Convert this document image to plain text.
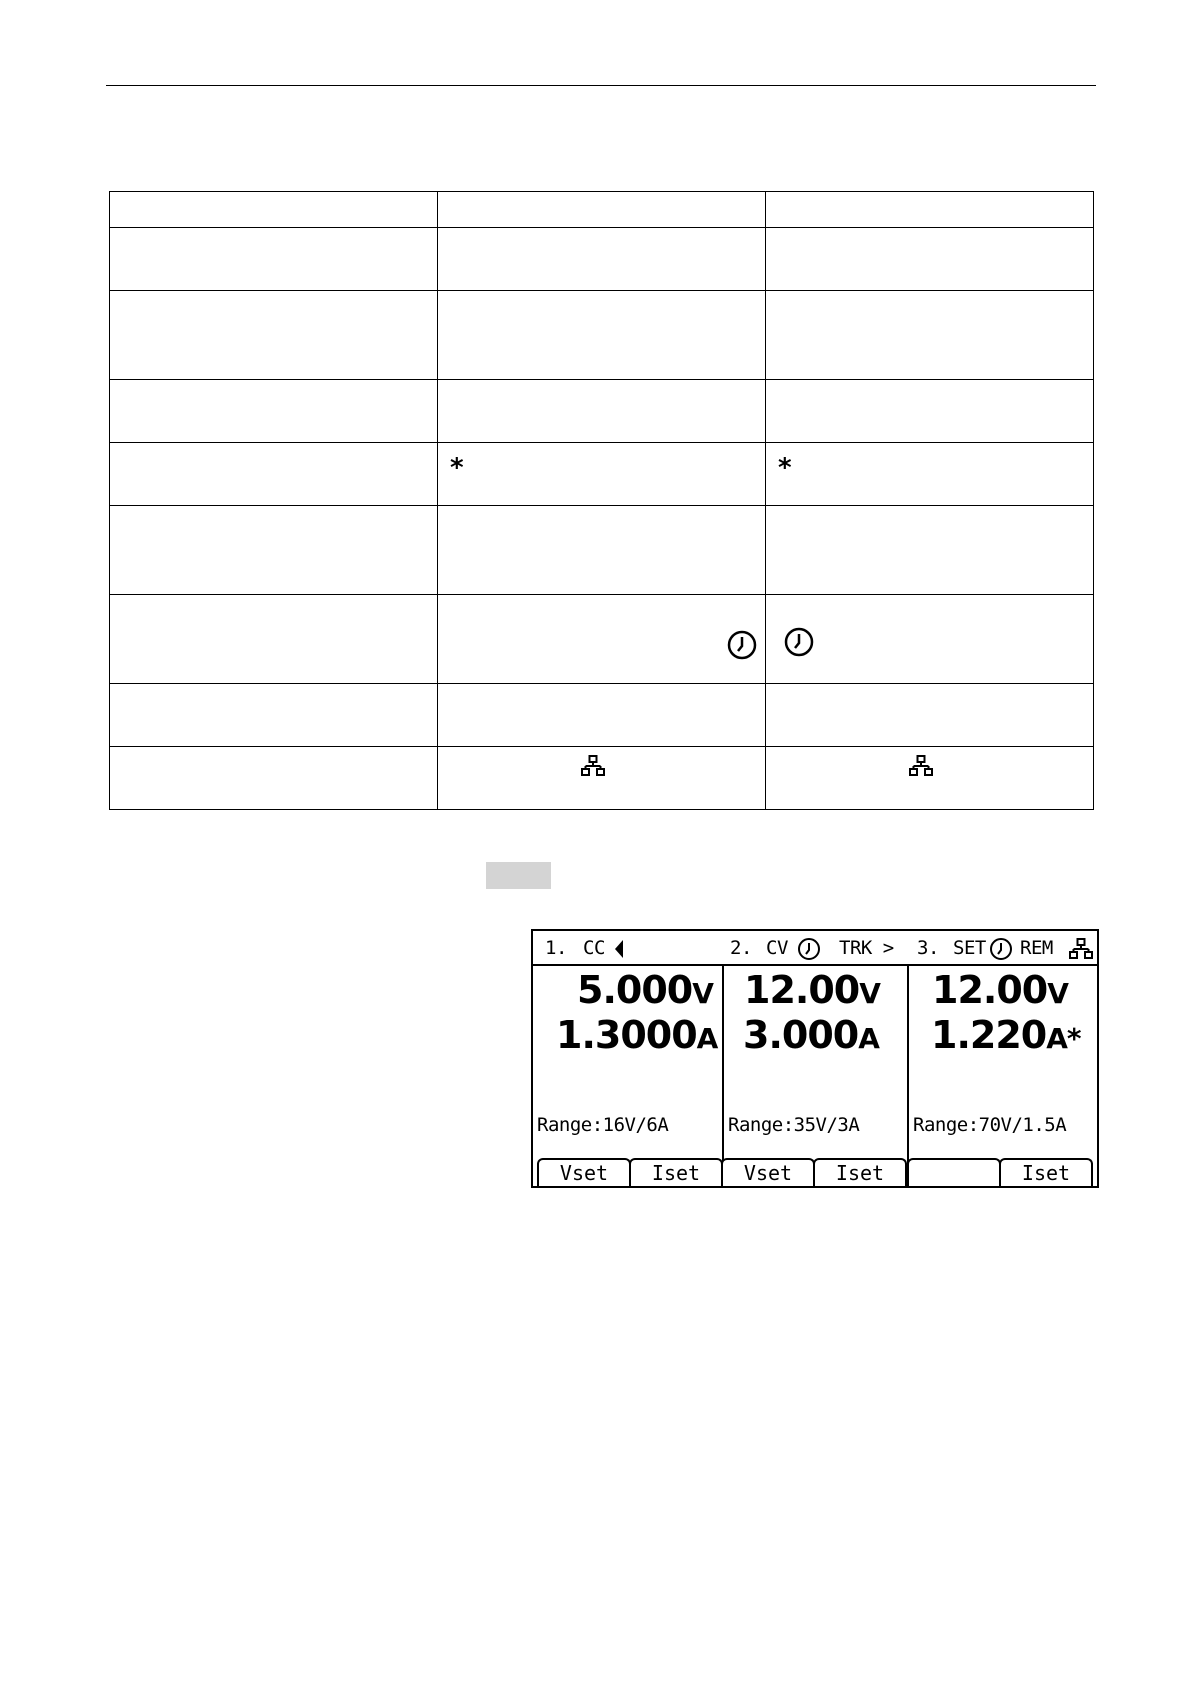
	*	*

1. CC	2. CV	TRK > 3. SET REM
5.000V
1.3000A
Range:16V/6A
12.00V
3.000A
Range:35V/3A
12.00V
1.220A*
Range:70V/1.5A
Vset	Iset	Vset	Iset	Iset
